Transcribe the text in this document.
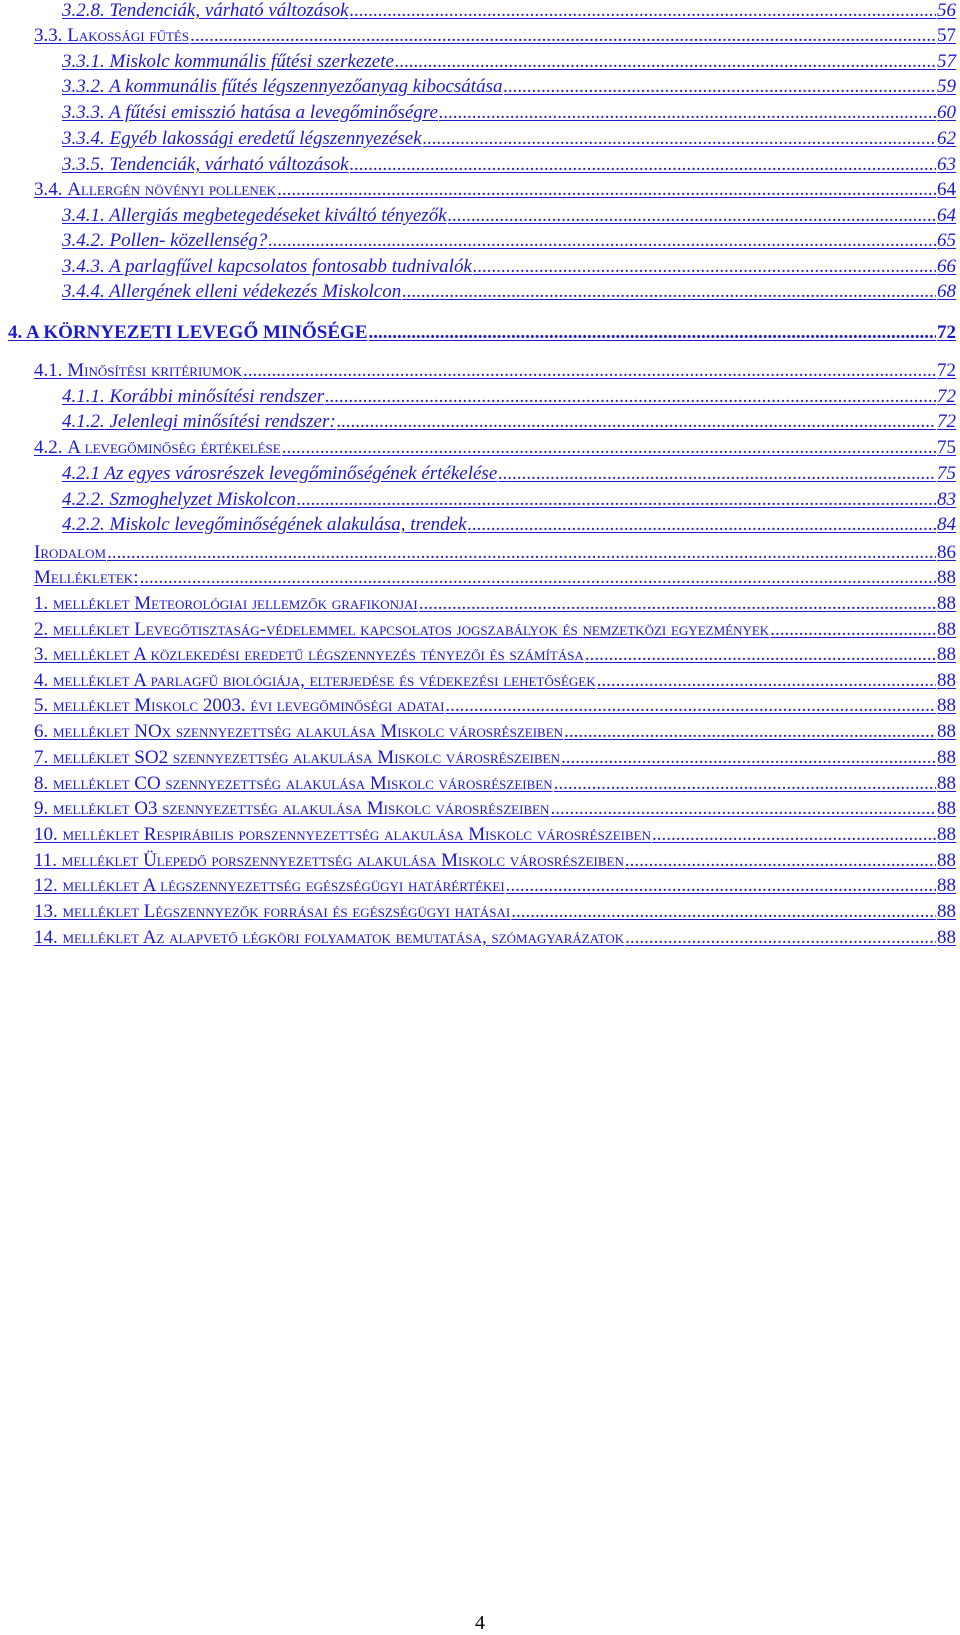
3.2.8. Tendenciák, várható változások .....	56
3.3. Lakossági fűtés .....	57
3.3.1. Miskolc kommunális fűtési szerkezete .....	57
3.3.2. A kommunális fűtés légszennyezőanyag kibocsátása .....	59
3.3.3. A fűtési emisszió hatása a levegőminőségre .....	60
3.3.4. Egyéb lakossági eredetű légszennyezések .....	62
3.3.5. Tendenciák, várható változások .....	63
3.4. Allergén növényi pollenek .....	64
3.4.1. Allergiás megbetegedéseket kiváltó tényezők .....	64
3.4.2. Pollen- közellenség? .....	65
3.4.3. A parlagfűvel kapcsolatos fontosabb tudnivalók .....	66
3.4.4. Allergének elleni védekezés Miskolcon .....	68
4. A KÖRNYEZETI LEVEGŐ MINŐSÉGE .....	72
4.1. Minősítési kritériumok .....	72
4.1.1. Korábbi minősítési rendszer .....	72
4.1.2. Jelenlegi minősítési rendszer: .....	72
4.2. A levegőminőség értékelése .....	75
4.2.1 Az egyes városrészek levegőminőségének értékelése .....	75
4.2.2. Szmoghelyzet Miskolcon .....	83
4.2.2. Miskolc levegőminőségének alakulása, trendek .....	84
Irodalom .....	86
Mellékletek: .....	88
1. melléklet Meteorológiai jellemzők grafikonjai .....	88
2. melléklet Levegőtisztaság-védelemmel kapcsolatos jogszabályok és nemzetközi egyezmények .....	88
3. melléklet A közlekedési eredetű légszennyezés tényezői és számítása .....	88
4. melléklet A parlagfű biológiája, elterjedése és védekezési lehetőségek .....	88
5. melléklet Miskolc 2003. évi levegőminőségi adatai .....	88
6. melléklet NOx szennyezettség alakulása Miskolc városrészeiben .....	88
7. melléklet SO2 szennyezettség alakulása Miskolc városrészeiben .....	88
8. melléklet CO szennyezettség alakulása Miskolc városrészeiben .....	88
9. melléklet O3 szennyezettség alakulása Miskolc városrészeiben .....	88
10. melléklet Respirábilis porszennyezettség alakulása Miskolc városrészeiben .....	88
11. melléklet Ülepedő porszennyezettség alakulása Miskolc városrészeiben .....	88
12. melléklet A légszennyezettség egészségügyi határértékei .....	88
13. melléklet Légszennyezők forrásai és egészségügyi hatásai .....	88
14. melléklet Az alapvető légköri folyamatok bemutatása, szómagyarázatok .....	88
4
